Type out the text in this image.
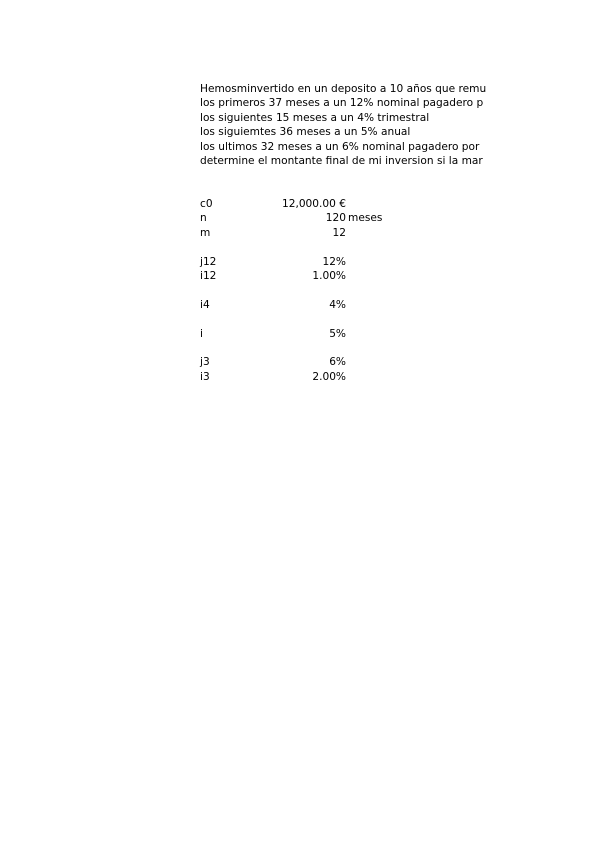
Hemosminvertido en un deposito a 10 años que remu
los primeros 37 meses a un 12% nominal pagadero p
los siguientes 15 meses a un 4% trimestral
los siguiemtes 36 meses a un 5% anual
los ultimos 32 meses a un 6% nominal pagadero por
determine el montante final de mi inversion si la mar
c0	12,000.00 €
n	120 meses
m	12
j12	12%
i12	1.00%
i4	4%
i	5%
j3	6%
i3	2.00%
